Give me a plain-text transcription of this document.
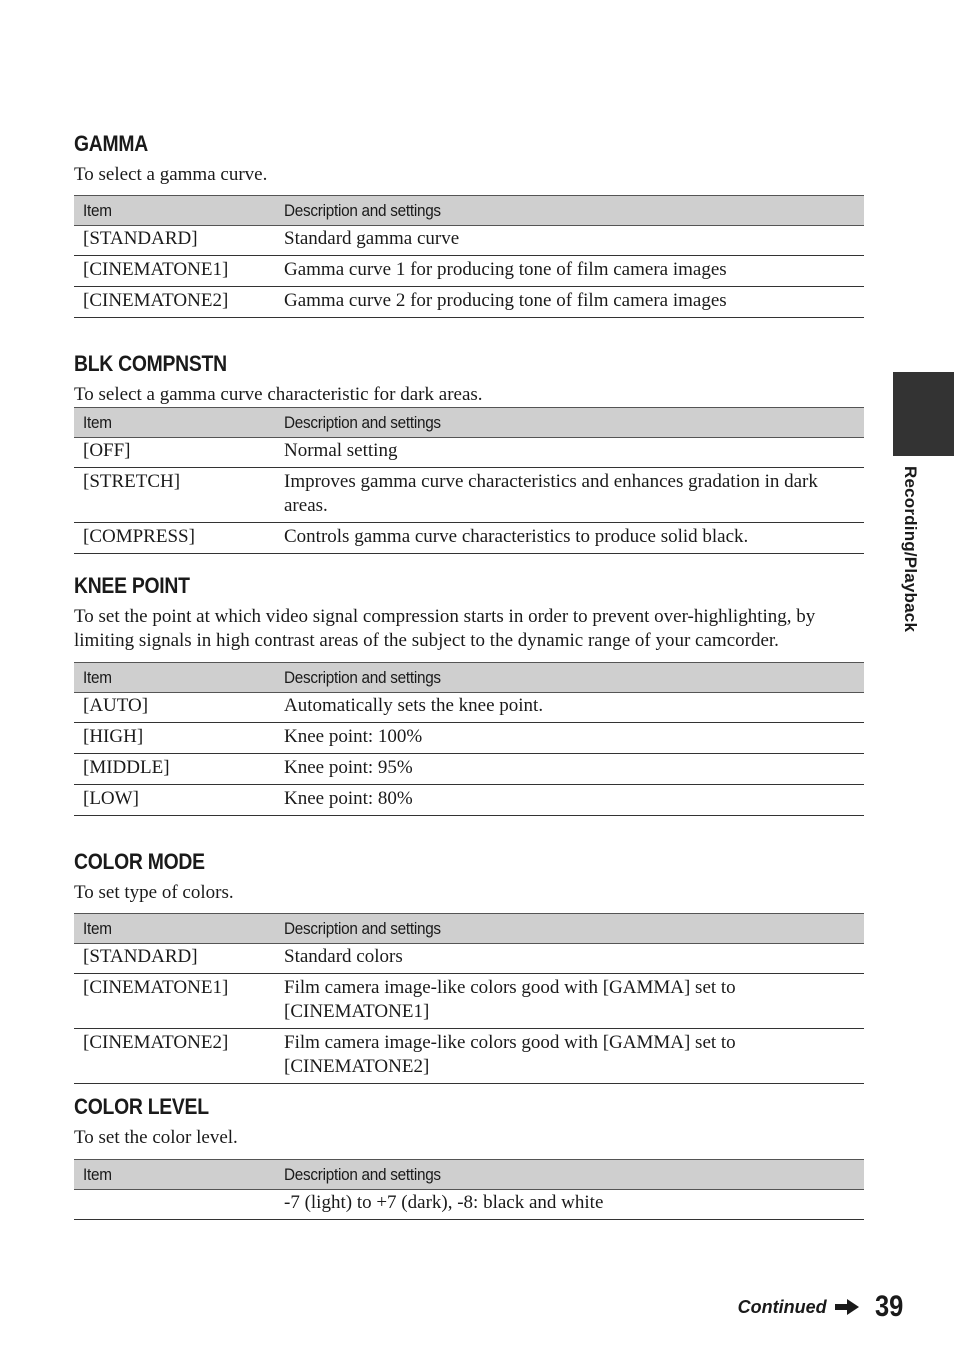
Recording/Playback
GAMMA

To select a gamma curve.

Item	Description and settings
[STANDARD]	Standard gamma curve
[CINEMATONE1]	Gamma curve 1 for producing tone of film camera images
[CINEMATONE2]	Gamma curve 2 for producing tone of film camera images
BLK COMPNSTN

To select a gamma curve characteristic for dark areas.

Item	Description and settings
[OFF]	Normal setting
[STRETCH]	Improves gamma curve characteristics and enhances gradation in dark areas.
[COMPRESS]	Controls gamma curve characteristics to produce solid black.
KNEE POINT

To set the point at which video signal compression starts in order to prevent over-highlighting, by limiting signals in high contrast areas of the subject to the dynamic range of your camcorder.

Item	Description and settings
[AUTO]	Automatically sets the knee point.
[HIGH]	Knee point: 100%
[MIDDLE]	Knee point: 95%
[LOW]	Knee point: 80%
COLOR MODE

To set type of colors.

Item	Description and settings
[STANDARD]	Standard colors
[CINEMATONE1]	Film camera image-like colors good with [GAMMA] set to [CINEMATONE1]
[CINEMATONE2]	Film camera image-like colors good with [GAMMA] set to [CINEMATONE2]
COLOR LEVEL

To set the color level.

Item	Description and settings
	-7 (light) to +7 (dark), -8: black and white
Continued 39
